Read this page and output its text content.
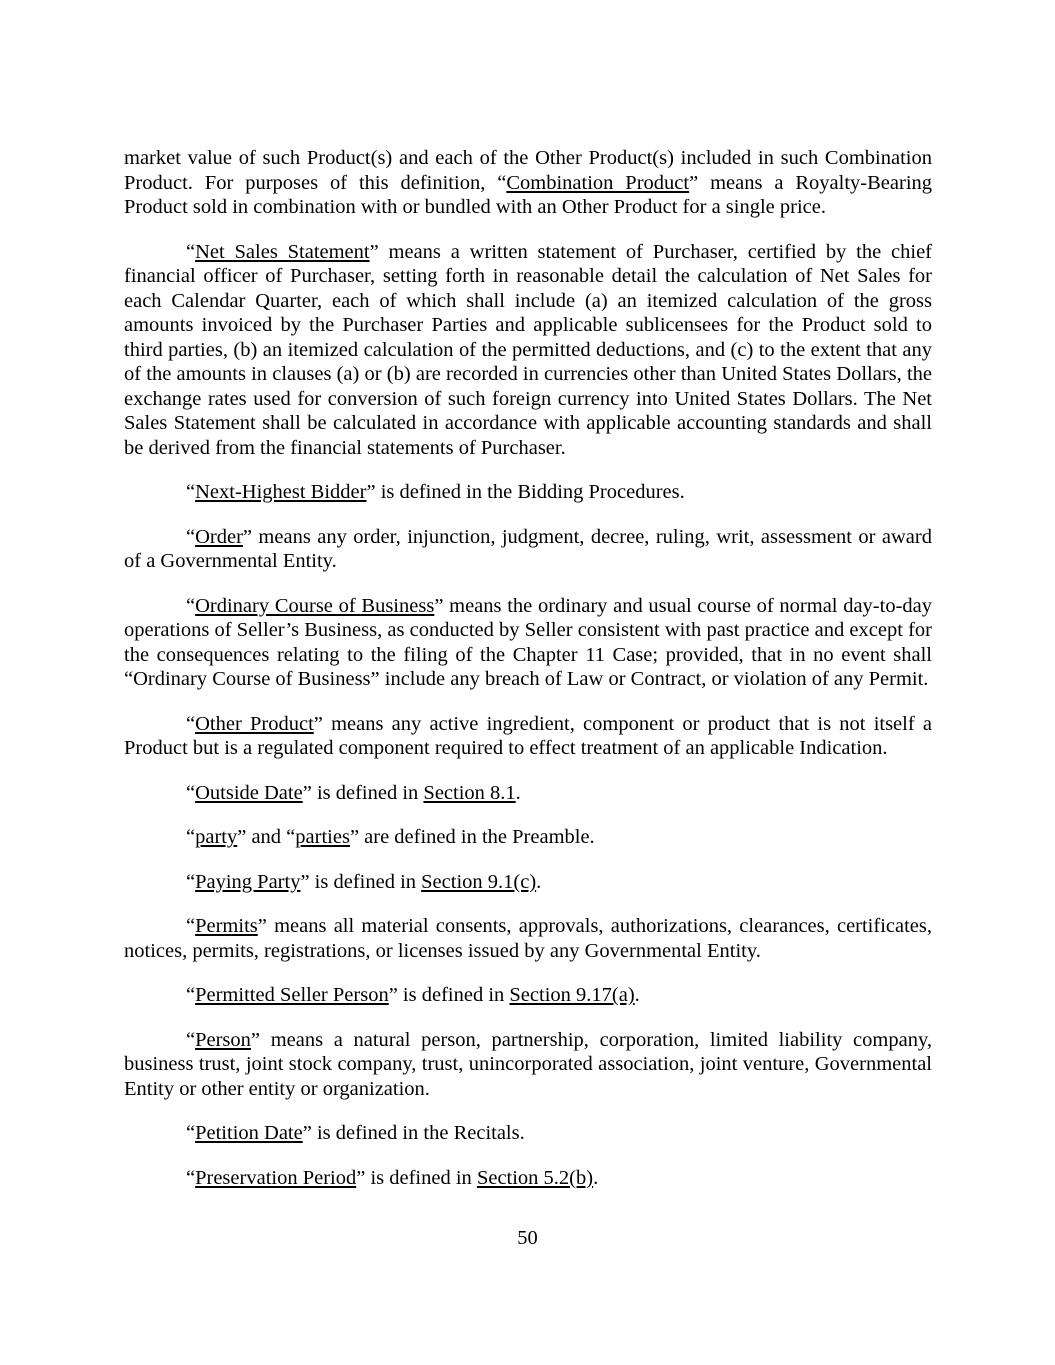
market value of such Product(s) and each of the Other Product(s) included in such Combination Product. For purposes of this definition, “Combination Product” means a Royalty-Bearing Product sold in combination with or bundled with an Other Product for a single price.

“Net Sales Statement” means a written statement of Purchaser, certified by the chief financial officer of Purchaser, setting forth in reasonable detail the calculation of Net Sales for each Calendar Quarter, each of which shall include (a) an itemized calculation of the gross amounts invoiced by the Purchaser Parties and applicable sublicensees for the Product sold to third parties, (b) an itemized calculation of the permitted deductions, and (c) to the extent that any of the amounts in clauses (a) or (b) are recorded in currencies other than United States Dollars, the exchange rates used for conversion of such foreign currency into United States Dollars. The Net Sales Statement shall be calculated in accordance with applicable accounting standards and shall be derived from the financial statements of Purchaser.

“Next-Highest Bidder” is defined in the Bidding Procedures.

“Order” means any order, injunction, judgment, decree, ruling, writ, assessment or award of a Governmental Entity.

“Ordinary Course of Business” means the ordinary and usual course of normal day-to-day operations of Seller’s Business, as conducted by Seller consistent with past practice and except for the consequences relating to the filing of the Chapter 11 Case; provided, that in no event shall “Ordinary Course of Business” include any breach of Law or Contract, or violation of any Permit.

“Other Product” means any active ingredient, component or product that is not itself a Product but is a regulated component required to effect treatment of an applicable Indication.

“Outside Date” is defined in Section 8.1.

“party” and “parties” are defined in the Preamble.

“Paying Party” is defined in Section 9.1(c).

“Permits” means all material consents, approvals, authorizations, clearances, certificates, notices, permits, registrations, or licenses issued by any Governmental Entity.

“Permitted Seller Person” is defined in Section 9.17(a).

“Person” means a natural person, partnership, corporation, limited liability company, business trust, joint stock company, trust, unincorporated association, joint venture, Governmental Entity or other entity or organization.

“Petition Date” is defined in the Recitals.

“Preservation Period” is defined in Section 5.2(b).

50
